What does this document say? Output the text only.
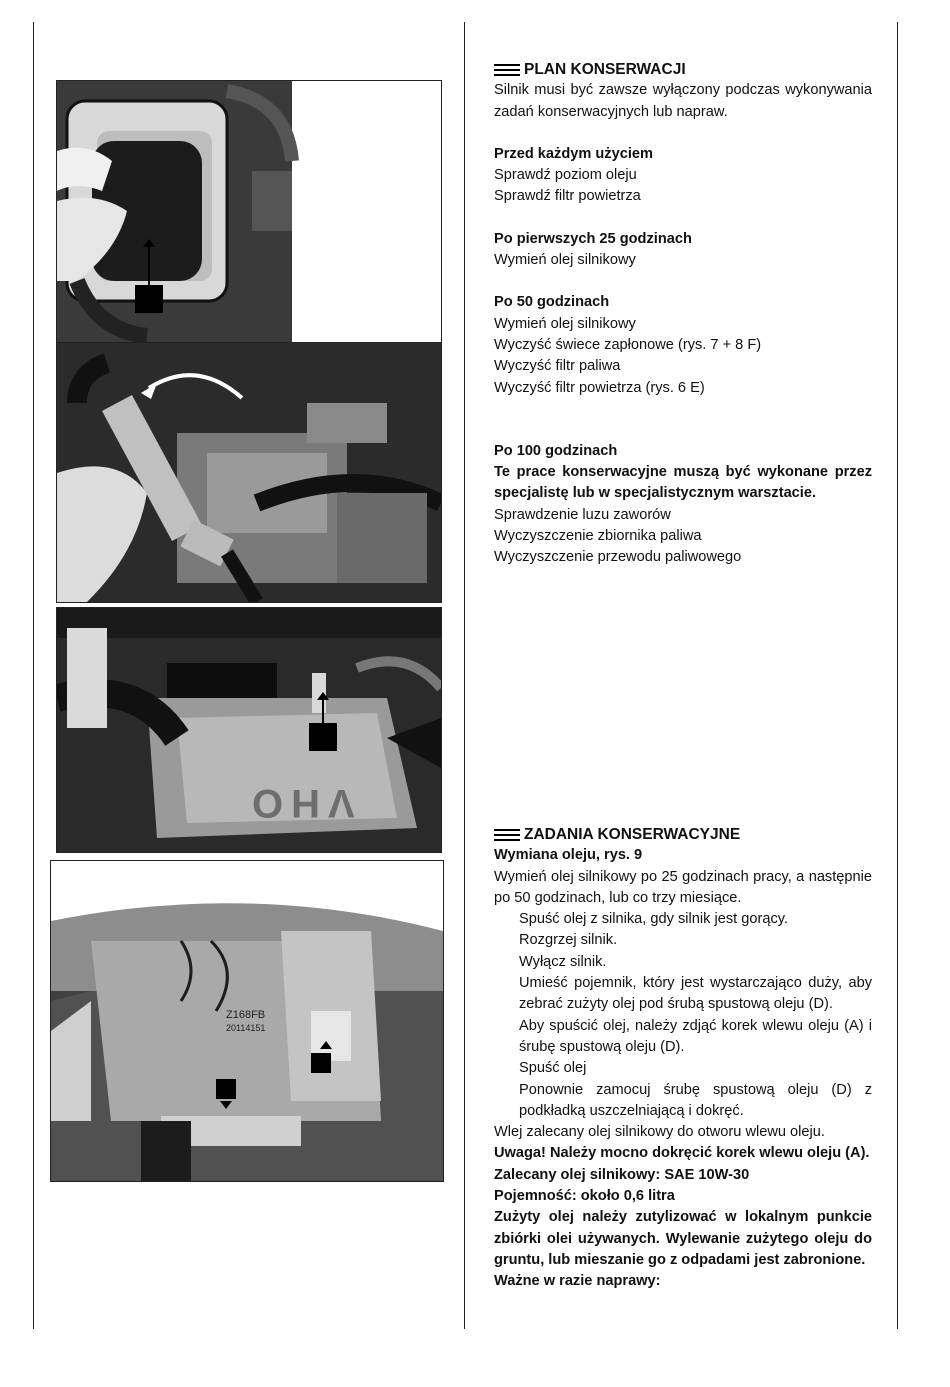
OHV
Z168FB
20114151
PLAN KONSERWACJI

Silnik musi być zawsze wyłączony podczas wykonywania zadań konserwacyjnych lub napraw.

Przed każdym użyciem

Sprawdź poziom oleju

Sprawdź filtr powietrza

Po pierwszych 25 godzinach

Wymień olej silnikowy

Po 50 godzinach

Wymień olej silnikowy

Wyczyść świece zapłonowe (rys. 7 + 8 F)

Wyczyść filtr paliwa

Wyczyść filtr powietrza (rys. 6 E)

Po 100 godzinach

Te prace konserwacyjne muszą być wykonane przez specjalistę lub w specjalistycznym warsztacie.

Sprawdzenie luzu zaworów

Wyczyszczenie zbiornika paliwa

Wyczyszczenie przewodu paliwowego

ZADANIA KONSERWACYJNE

Wymiana oleju, rys. 9

Wymień olej silnikowy po 25 godzinach pracy, a następnie po 50 godzinach, lub co trzy miesiące.

Spuść olej z silnika, gdy silnik jest gorący.

Rozgrzej silnik.

Wyłącz silnik.

Umieść pojemnik, który jest wystarczająco duży, aby zebrać zużyty olej pod śrubą spustową oleju (D).

Aby spuścić olej, należy zdjąć korek wlewu oleju (A) i śrubę spustową oleju (D).

Spuść olej

Ponownie zamocuj śrubę spustową oleju (D) z podkładką uszczelniającą i dokręć.

Wlej zalecany olej silnikowy do otworu wlewu oleju.

Uwaga! Należy mocno dokręcić korek wlewu oleju (A).

Zalecany olej silnikowy: SAE 10W-30

Pojemność: około 0,6 litra

Zużyty olej należy zutylizować w lokalnym punkcie zbiórki olei używanych. Wylewanie zużytego oleju do gruntu, lub mieszanie go z odpadami jest zabronione.

Ważne w razie naprawy:
